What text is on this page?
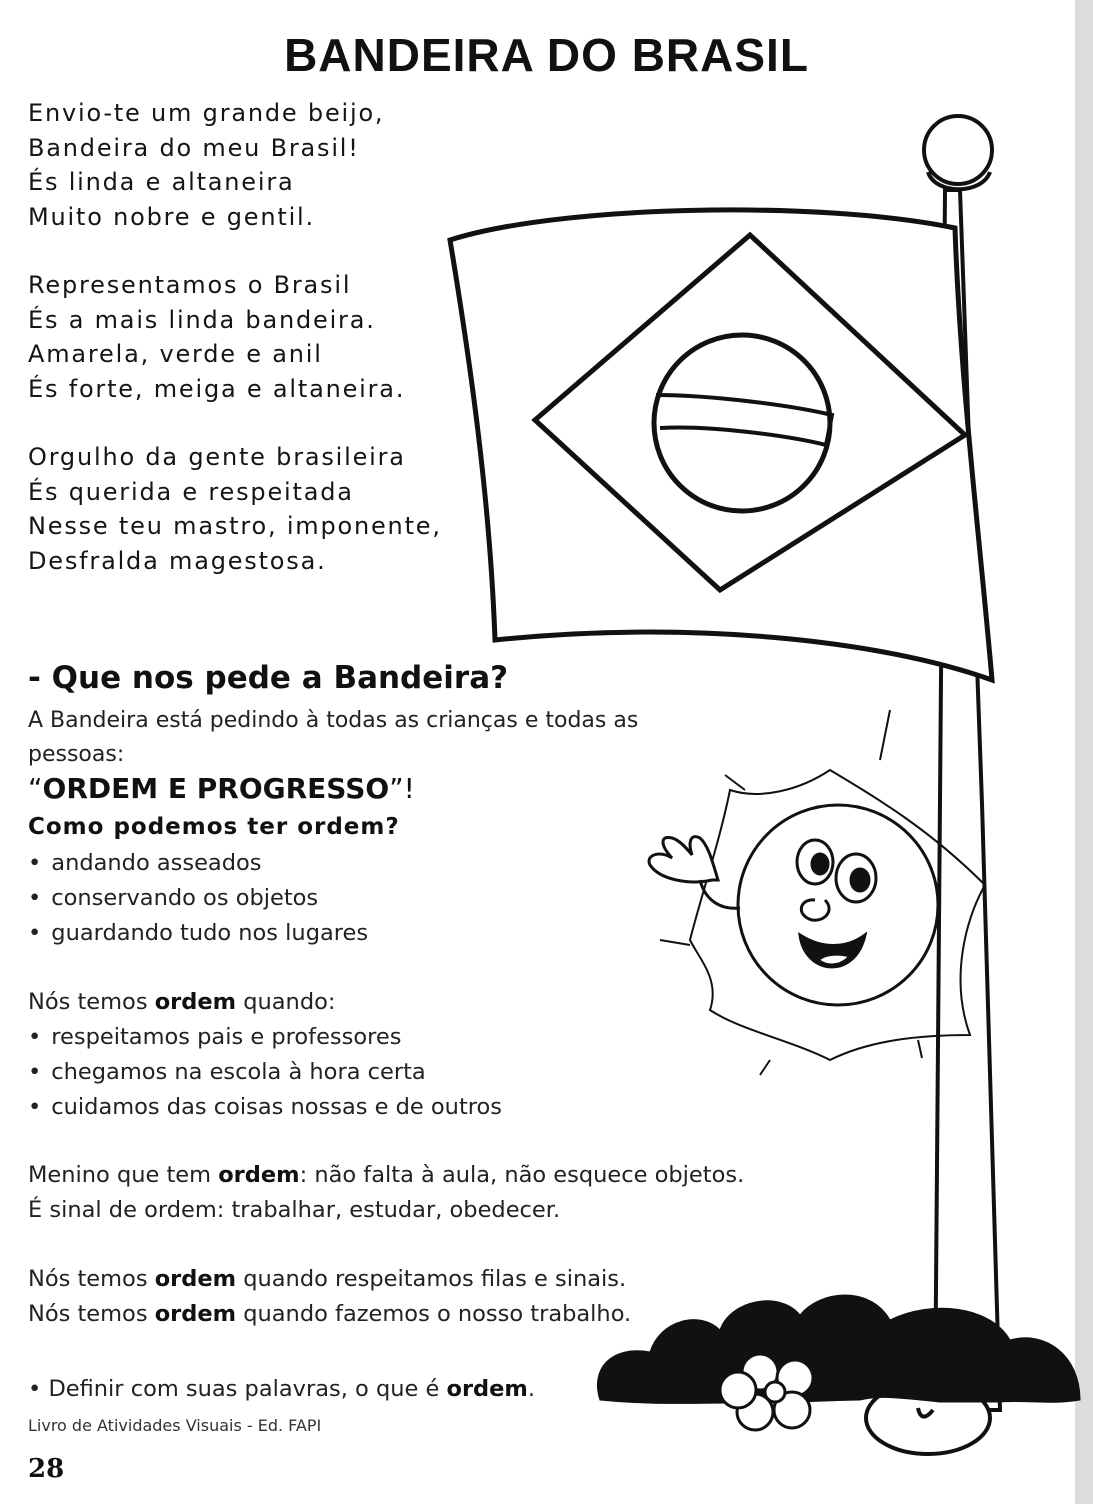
BANDEIRA DO BRASIL
Envio-te um grande beijo,
Bandeira do meu Brasil!
És linda e altaneira
Muito nobre e gentil.
Representamos o Brasil
És a mais linda bandeira.
Amarela, verde e anil
És forte, meiga e altaneira.
Orgulho da gente brasileira
És querida e respeitada
Nesse teu mastro, imponente,
Desfralda magestosa.
- Que nos pede a Bandeira?
A Bandeira está pedindo à todas as crianças e todas as pessoas:
“ORDEM E PROGRESSO”!
Como podemos ter ordem?
• andando asseados
• conservando os objetos
• guardando tudo nos lugares
Nós temos ordem quando:
• respeitamos pais e professores
• chegamos na escola à hora certa
• cuidamos das coisas nossas e de outros
Menino que tem ordem: não falta à aula, não esquece objetos.
É sinal de ordem: trabalhar, estudar, obedecer.
Nós temos ordem quando respeitamos filas e sinais.
Nós temos ordem quando fazemos o nosso trabalho.
• Definir com suas palavras, o que é ordem.
Livro de Atividades Visuais - Ed. FAPI
28
